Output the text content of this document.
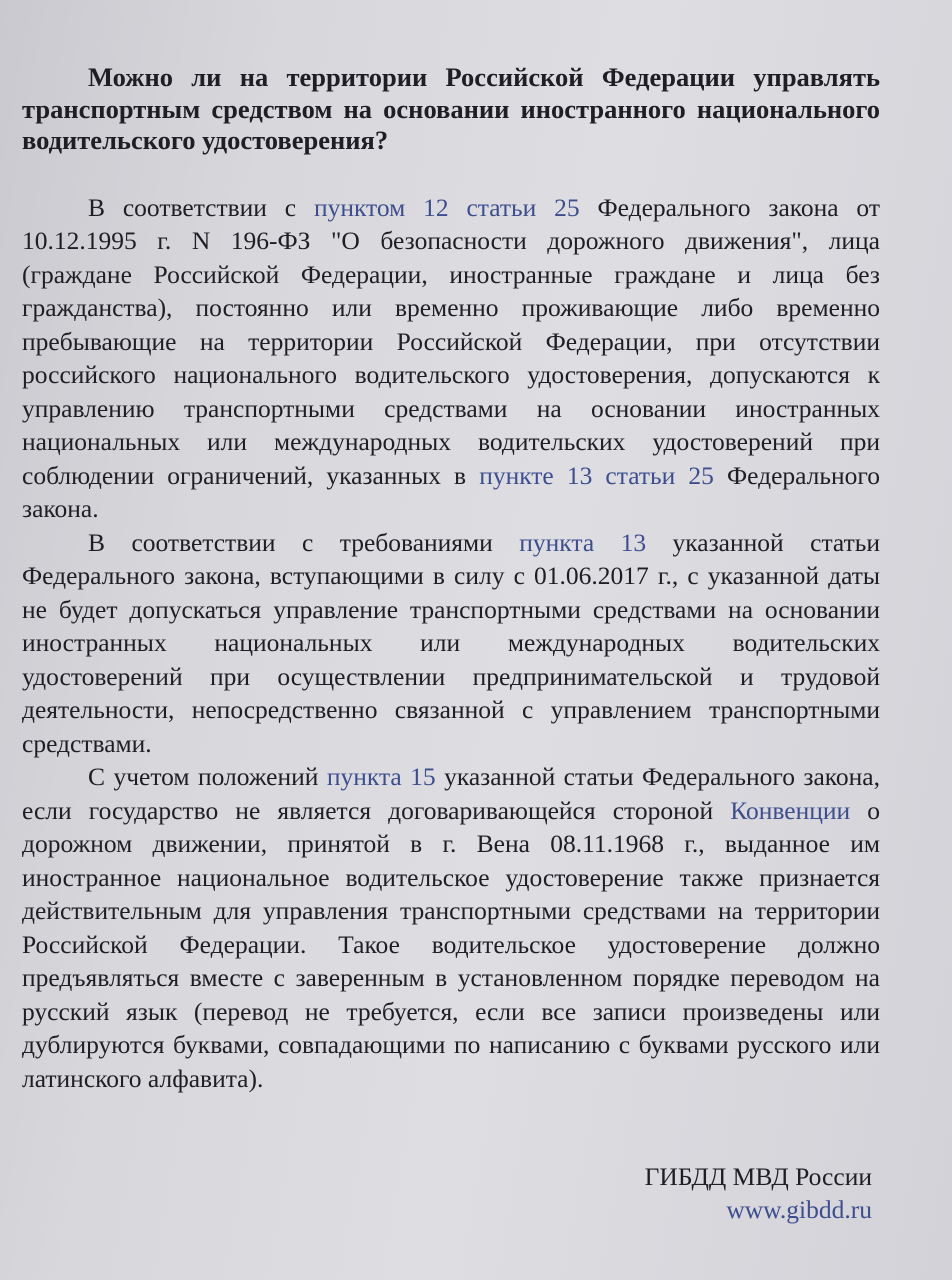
Можно ли на территории Российской Федерации управлять транспортным средством на основании иностранного национального водительского удостоверения?

В соответствии с пунктом 12 статьи 25 Федерального закона от 10.12.1995 г. N 196-ФЗ "О безопасности дорожного движения", лица (граждане Российской Федерации, иностранные граждане и лица без гражданства), постоянно или временно проживающие либо временно пребывающие на территории Российской Федерации, при отсутствии российского национального водительского удостоверения, допускаются к управлению транспортными средствами на основании иностранных национальных или международных водительских удостоверений при соблюдении ограничений, указанных в пункте 13 статьи 25 Федерального закона.

В соответствии с требованиями пункта 13 указанной статьи Федерального закона, вступающими в силу с 01.06.2017 г., с указанной даты не будет допускаться управление транспортными средствами на основании иностранных национальных или международных водительских удостоверений при осуществлении предпринимательской и трудовой деятельности, непосредственно связанной с управлением транспортными средствами.

С учетом положений пункта 15 указанной статьи Федерального закона, если государство не является договаривающейся стороной Конвенции о дорожном движении, принятой в г. Вена 08.11.1968 г., выданное им иностранное национальное водительское удостоверение также признается действительным для управления транспортными средствами на территории Российской Федерации. Такое водительское удостоверение должно предъявляться вместе с заверенным в установленном порядке переводом на русский язык (перевод не требуется, если все записи произведены или дублируются буквами, совпадающими по написанию с буквами русского или латинского алфавита).

ГИБДД МВД России
www.gibdd.ru
